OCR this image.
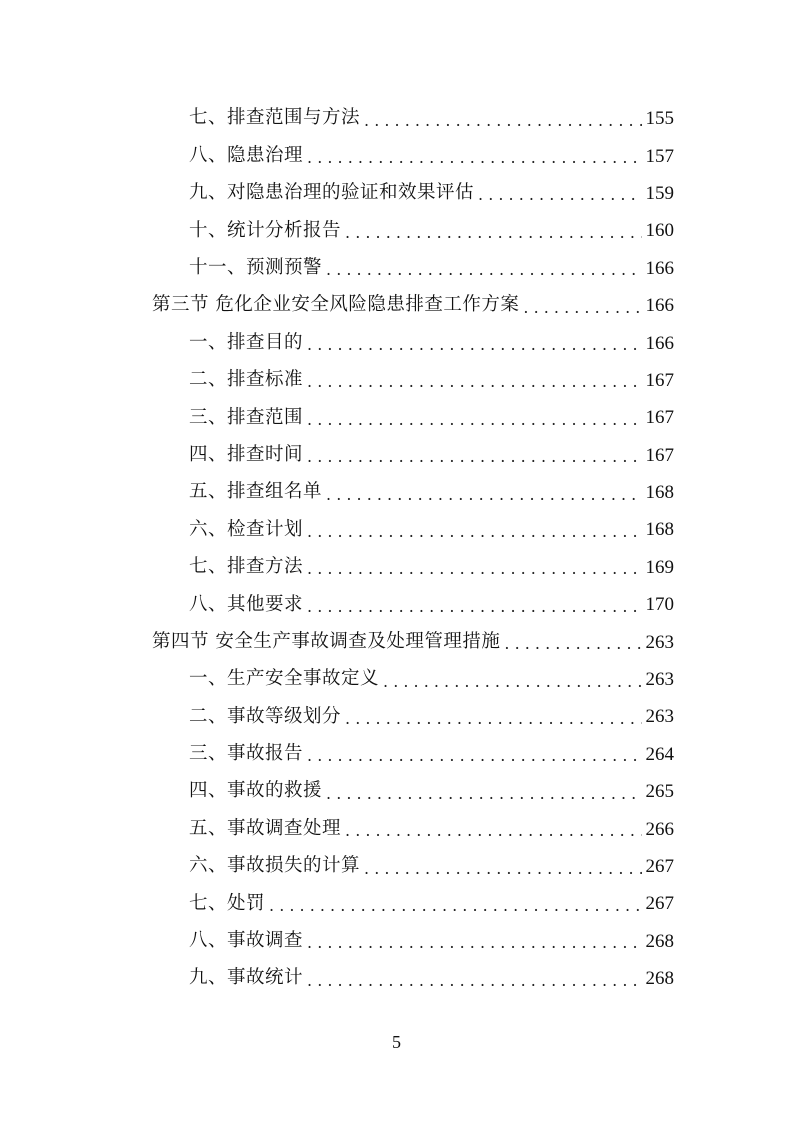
七、排查范围与方法 . . .	155
八、隐患治理 . . .	157
九、对隐患治理的验证和效果评估 . . .	159
十、统计分析报告 . . .	160
十一、预测预警 . . .	166
第三节 危化企业安全风险隐患排查工作方案 . . .	166
一、排查目的 . . .	166
二、排查标准 . . .	167
三、排查范围 . . .	167
四、排查时间 . . .	167
五、排查组名单 . . .	168
六、检查计划 . . .	168
七、排查方法 . . .	169
八、其他要求 . . .	170
第四节 安全生产事故调查及处理管理措施 . . .	263
一、生产安全事故定义 . . .	263
二、事故等级划分 . . .	263
三、事故报告 . . .	264
四、事故的救援 . . .	265
五、事故调查处理 . . .	266
六、事故损失的计算 . . .	267
七、处罚 . . .	267
八、事故调查 . . .	268
九、事故统计 . . .	268
5
